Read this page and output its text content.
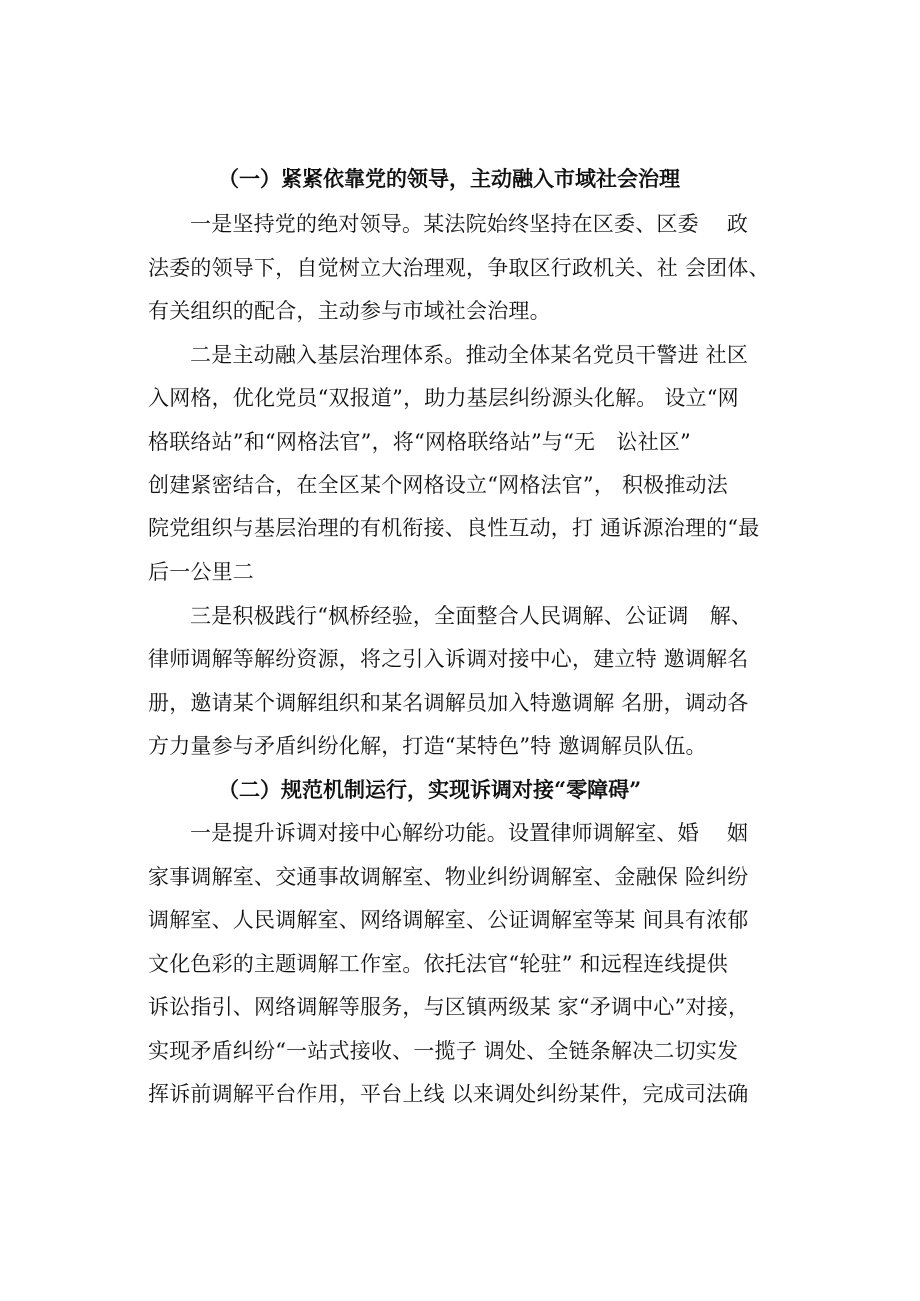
（一）紧紧依靠党的领导，主动融入市域社会治理
一是坚持党的绝对领导。某法院始终坚持在区委、区委　 政
法委的领导下，自觉树立大治理观，争取区行政机关、社 会团体、
有关组织的配合，主动参与市域社会治理。
二是主动融入基层治理体系。推动全体某名党员干警进 社区
入网格，优化党员“双报道”，助力基层纠纷源头化解。 设立“网
格联络站”和“网格法官”，将“网格联络站”与“无　讼社区”
创建紧密结合，在全区某个网格设立“网格法官”， 积极推动法
院党组织与基层治理的有机衔接、良性互动，打 通诉源治理的“最
后一公里二
三是积极践行“枫桥经验，全面整合人民调解、公证调　解、
律师调解等解纷资源，将之引入诉调对接中心，建立特 邀调解名
册，邀请某个调解组织和某名调解员加入特邀调解 名册，调动各
方力量参与矛盾纠纷化解，打造“某特色”特 邀调解员队伍。
（二）规范机制运行，实现诉调对接“零障碍”
一是提升诉调对接中心解纷功能。设置律师调解室、婚　 姻
家事调解室、交通事故调解室、物业纠纷调解室、金融保 险纠纷
调解室、人民调解室、网络调解室、公证调解室等某 间具有浓郁
文化色彩的主题调解工作室。依托法官“轮驻” 和远程连线提供
诉讼指引、网络调解等服务，与区镇两级某 家“矛调中心”对接，
实现矛盾纠纷“一站式接收、一揽子 调处、全链条解决二切实发
挥诉前调解平台作用，平台上线 以来调处纠纷某件，完成司法确
